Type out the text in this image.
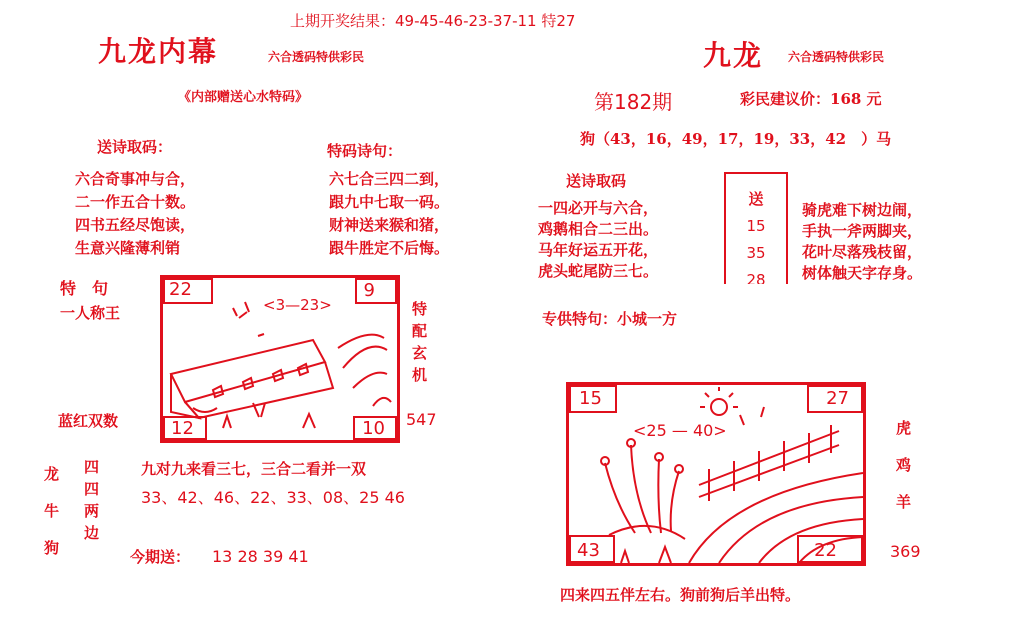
上期开奖结果：49-45-46-23-37-11 特27
九龙内幕	六合透码特供彩民
《内部赠送心水特码》
送诗取码：
六合奇事冲与合，
二一作五合十数。
四书五经尽饱读，
生意兴隆薄利销
特码诗句：
六七合三四二到，
跟九中七取一码。
财神送来猴和猪，
跟牛胜定不后悔。
特　句
一人称王
蓝红双数
22	9
12	10
<3—23>	特
配
玄
机
547
龙
牛
狗
四
四
两
边
九对九来看三七，三合二看并一双
33、42、46、22、33、08、25 46
今期送： 13 28 39 41
九龙 六合透码特供彩民
第182期	彩民建议价：168 元
狗（43，16，49，17，19，33，42　）马
送诗取码
一四必开与六合，
鸡鹅相合二三出。
马年好运五开花，
虎头蛇尾防三七。
送
15
35
28
骑虎难下树边闹，
手执一斧两脚夹，
花叶尽落残枝留，
树体触天字存身。
专供特句：小城一方
15	27
43	22
<25 — 40>	虎
鸡
羊
369
四来四五伴左右。狗前狗后羊出特。
